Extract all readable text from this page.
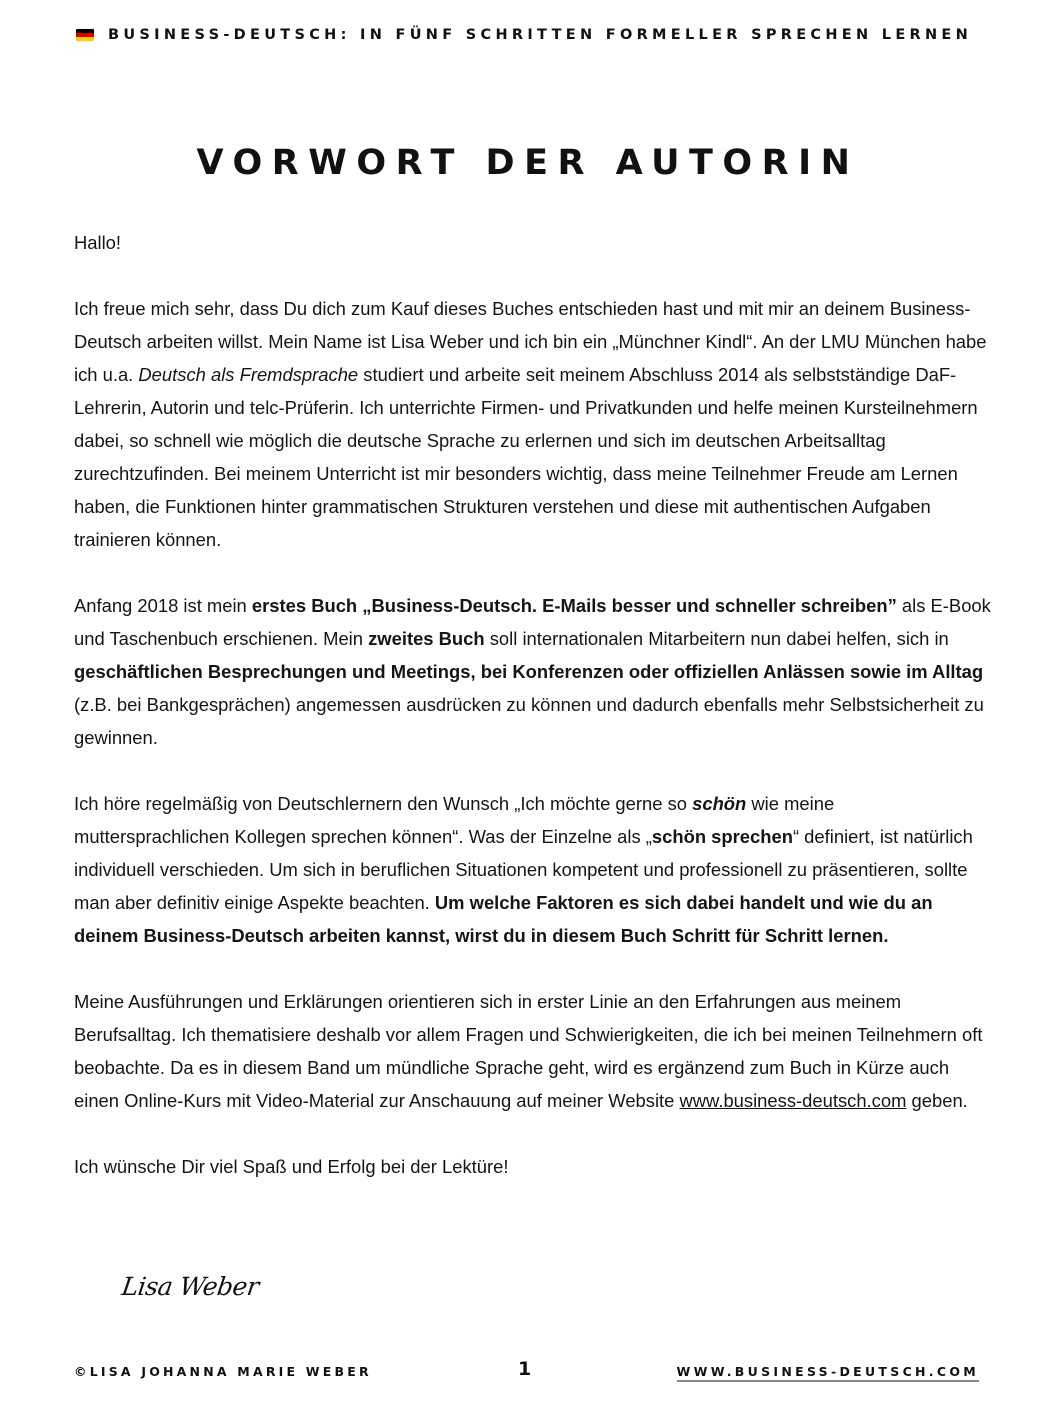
BUSINESS-DEUTSCH: IN FÜNF SCHRITTEN FORMELLER SPRECHEN LERNEN
VORWORT DER AUTORIN

Hallo!

Ich freue mich sehr, dass Du dich zum Kauf dieses Buches entschieden hast und mit mir an deinem Business-Deutsch arbeiten willst. Mein Name ist Lisa Weber und ich bin ein „Münchner Kindl“. An der LMU München habe ich u.a. Deutsch als Fremdsprache studiert und arbeite seit meinem Abschluss 2014 als selbstständige DaF-Lehrerin, Autorin und telc-Prüferin. Ich unterrichte Firmen- und Privatkunden und helfe meinen Kursteilnehmern dabei, so schnell wie möglich die deutsche Sprache zu erlernen und sich im deutschen Arbeitsalltag zurechtzufinden. Bei meinem Unterricht ist mir besonders wichtig, dass meine Teilnehmer Freude am Lernen haben, die Funktionen hinter grammatischen Strukturen verstehen und diese mit authentischen Aufgaben trainieren können.

Anfang 2018 ist mein erstes Buch „Business-Deutsch. E-Mails besser und schneller schreiben” als E-Book und Taschenbuch erschienen. Mein zweites Buch soll internationalen Mitarbeitern nun dabei helfen, sich in geschäftlichen Besprechungen und Meetings, bei Konferenzen oder offiziellen Anlässen sowie im Alltag (z.B. bei Bankgesprächen) angemessen ausdrücken zu können und dadurch ebenfalls mehr Selbstsicherheit zu gewinnen.

Ich höre regelmäßig von Deutschlernern den Wunsch „Ich möchte gerne so schön wie meine muttersprachlichen Kollegen sprechen können“. Was der Einzelne als „schön sprechen“ definiert, ist natürlich individuell verschieden. Um sich in beruflichen Situationen kompetent und professionell zu präsentieren, sollte man aber definitiv einige Aspekte beachten. Um welche Faktoren es sich dabei handelt und wie du an deinem Business-Deutsch arbeiten kannst, wirst du in diesem Buch Schritt für Schritt lernen.

Meine Ausführungen und Erklärungen orientieren sich in erster Linie an den Erfahrungen aus meinem Berufsalltag. Ich thematisiere deshalb vor allem Fragen und Schwierigkeiten, die ich bei meinen Teilnehmern oft beobachte. Da es in diesem Band um mündliche Sprache geht, wird es ergänzend zum Buch in Kürze auch einen Online-Kurs mit Video-Material zur Anschauung auf meiner Website www.business-deutsch.com geben.

Ich wünsche Dir viel Spaß und Erfolg bei der Lektüre!

Lisa Weber
©LISA JOHANNA MARIE WEBER	1	WWW.BUSINESS-DEUTSCH.COM
